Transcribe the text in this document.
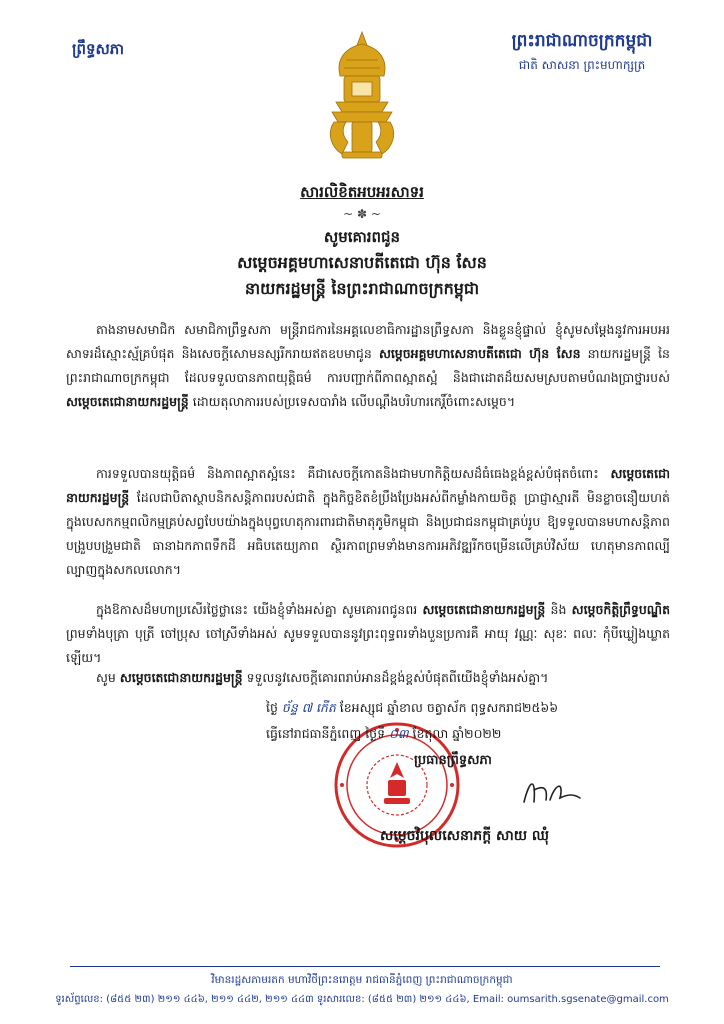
ព្រឹទ្ធសភា	ព្រះរាជាណាចក្រកម្ពុជា
ជាតិ សាសនា ព្រះមហាក្សត្រ
សារលិខិតអបអរសាទរ
~ ✽ ~
សូមគោរពជូន
សម្ដេចអគ្គមហាសេនាបតីតេជោ ហ៊ុន សែន
នាយករដ្ឋមន្ត្រី នៃព្រះរាជាណាចក្រកម្ពុជា
តាងនាមសមាជិក សមាជិកាព្រឹទ្ធសភា មន្ត្រីរាជការនៃអគ្គលេខាធិការដ្ឋានព្រឹទ្ធសភា និងខ្លួនខ្ញុំផ្ទាល់ ខ្ញុំសូមសម្ដែងនូវការអបអរសាទរដ៏ស្មោះស្ម័គ្របំផុត និងសេចក្ដីសោមនស្សរីករាយឥតឧបមាជូន សម្ដេចអគ្គមហាសេនាបតីតេជោ ហ៊ុន សែន នាយករដ្ឋមន្ត្រី នៃព្រះរាជាណាចក្រកម្ពុជា ដែលទទួលបានភាពយុត្តិធម៌ ការបញ្ជាក់ពីភាពស្អាតស្អំ និងជាដោតដ៏យសមស្របតាមបំណងប្រាថ្នារបស់ សម្ដេចតេជោនាយករដ្ឋមន្ត្រី ដោយតុលាការរបស់ប្រទេសបារាំង លើបណ្ដឹងបរិហារកេរ្តិ៍ចំពោះសម្ដេច។
ការទទួលបានយុត្តិធម៌ និងភាពស្អាតស្អំនេះ គឺជាសេចក្ដីកោតនិងជាមហាកិត្តិយសដ៏ធំធេងខ្ពង់ខ្ពស់បំផុតចំពោះ សម្ដេចតេជោនាយករដ្ឋមន្ត្រី ដែលជាបិតាស្ថាបនិកសន្តិភាពរបស់ជាតិ ក្នុងកិច្ចខិតខំប្រឹងប្រែងអស់ពីកម្លាំងកាយចិត្ត ប្រាជ្ញាស្មារតី មិនខ្លាចនឿយហត់ក្នុងបេសកកម្មពលិកម្មគ្រប់សព្វបែបយ៉ាងក្នុងបុព្វហេតុការពារជាតិមាតុភូមិកម្ពុជា និងប្រជាជនកម្ពុជាគ្រប់រូប ឱ្យទទួលបានមហាសន្តិភាព បង្រួបបង្រួមជាតិ ធានាឯកភាពទឹកដី អធិបតេយ្យភាព ស្ថិរភាពព្រមទាំងមានការអភិវឌ្ឍរីកចម្រើនលើគ្រប់វិស័យ ហេតុមានភាពល្បីល្បាញក្នុងសកលលោក។
ក្នុងឱកាសដ៏មហាប្រសើរថ្លៃថ្លានេះ យើងខ្ញុំទាំងអស់គ្នា សូមគោរពជូនពរ សម្ដេចតេជោនាយករដ្ឋមន្ត្រី និង សម្ដេចកិត្តិព្រឹទ្ធបណ្ឌិត ព្រមទាំងបុត្រា បុត្រី ចៅប្រុស ចៅស្រីទាំងអស់ សូមទទួលបាននូវព្រះពុទ្ធពរទាំងបួនប្រការគឺ អាយុ វណ្ណៈ សុខៈ ពលៈ កុំបីឃ្លៀងឃ្លាតឡើយ។
សូម សម្ដេចតេជោនាយករដ្ឋមន្ត្រី ទទួលនូវសេចក្ដីគោរពរាប់អានដ៏ខ្ពង់ខ្ពស់បំផុតពីយើងខ្ញុំទាំងអស់គ្នា។
ថ្ងៃ ច័ន្ទ ៧ កើត ខែអស្សុជ ឆ្នាំខាល ចត្វាស័ក ពុទ្ធសករាជ២៥៦៦
ធ្វើនៅរាជធានីភ្នំពេញ ថ្ងៃទី ០៣ ខែតុលា ឆ្នាំ២០២២
ប្រធានព្រឹទ្ធសភា
សម្ដេចវិបុលសេនាភក្ដី សាយ ឈុំ
វិមានរដ្ឋសភាមរតក មហាវិថីព្រះនរោត្តម រាជធានីភ្នំពេញ ព្រះរាជាណាចក្រកម្ពុជា
ទូរស័ព្ទលេខ: (៨៥៥ ២៣) ២១១ ៤៤៦, ២១១ ៤៤២, ២១១ ៤៤៣ ទូរសារលេខ: (៨៥៥ ២៣) ២១១ ៤៤៦, Email: oumsarith.sgsenate@gmail.com
